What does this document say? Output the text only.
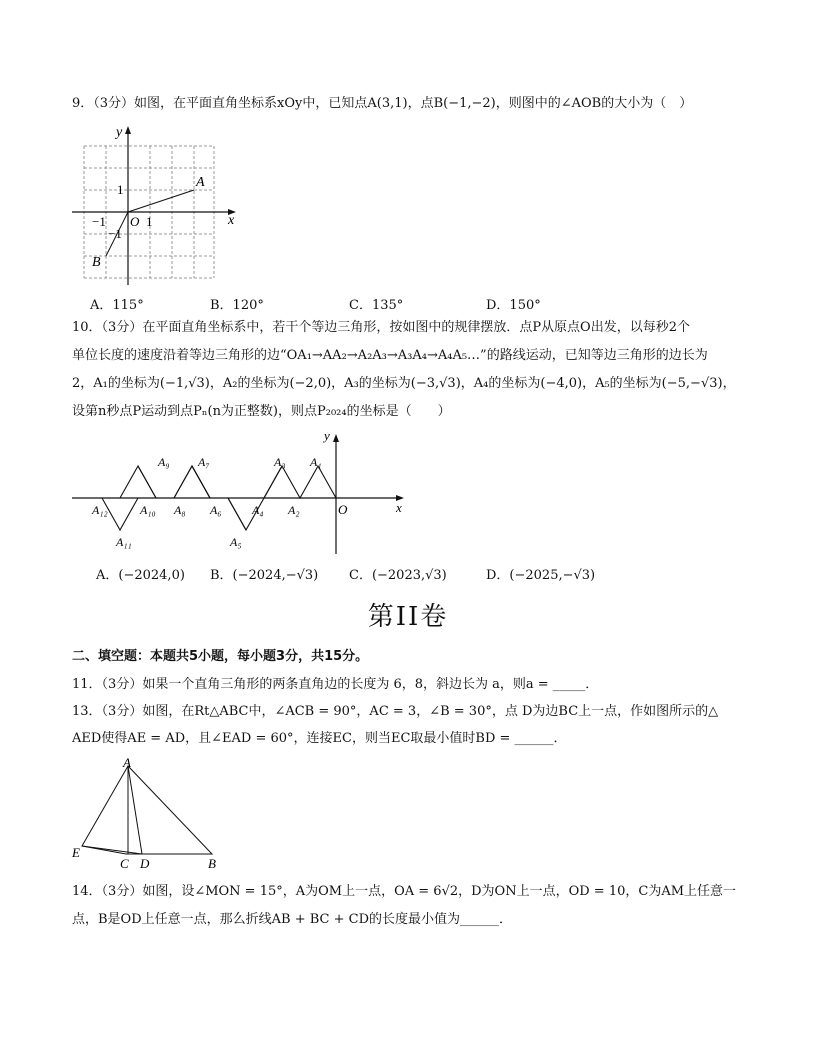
9．（3分）如图，在平面直角坐标系xOy中，已知点A(3,1)，点B(−1,−2)，则图中的∠AOB的大小为（　）
y
x
A
B
O
1
1
−1
−1
A．115°	B．120°	C．135°	D．150°
10．（3分）在平面直角坐标系中，若干个等边三角形，按如图中的规律摆放．点P从原点O出发，以每秒2个
单位长度的速度沿着等边三角形的边“OA₁→AA₂→A₂A₃→A₃A₄→A₄A₅…”的路线运动，已知等边三角形的边长为
2，A₁的坐标为(−1,√3)，A₂的坐标为(−2,0)，A₃的坐标为(−3,√3)，A₄的坐标为(−4,0)，A₅的坐标为(−5,−√3)，
设第n秒点P运动到点Pₙ(n为正整数)，则点P₂₀₂₄的坐标是（　　）
y
x
O
A₉ A₇	A₃ A₁
A₁₂	A₁₀ A₈ A₆	A₄ A₂
A₁₁	A₅
A．(−2024,0) B．(−2024,−√3) C．(−2023,√3)	D．(−2025,−√3)
第II卷
二、填空题：本题共5小题，每小题3分，共15分。
11．（3分）如果一个直角三角形的两条直角边的长度为 6，8，斜边长为 a，则a = _____．
13．（3分）如图，在Rt△ABC中，∠ACB = 90°，AC = 3，∠B = 30°，点 D为边BC上一点，作如图所示的△
AED使得AE = AD，且∠EAD = 60°，连接EC，则当EC取最小值时BD = ______．
A
E
C D	B
14．（3分）如图，设∠MON = 15°，A为OM上一点，OA = 6√2，D为ON上一点，OD = 10，C为AM上任意一
点，B是OD上任意一点，那么折线AB + BC + CD的长度最小值为______．
